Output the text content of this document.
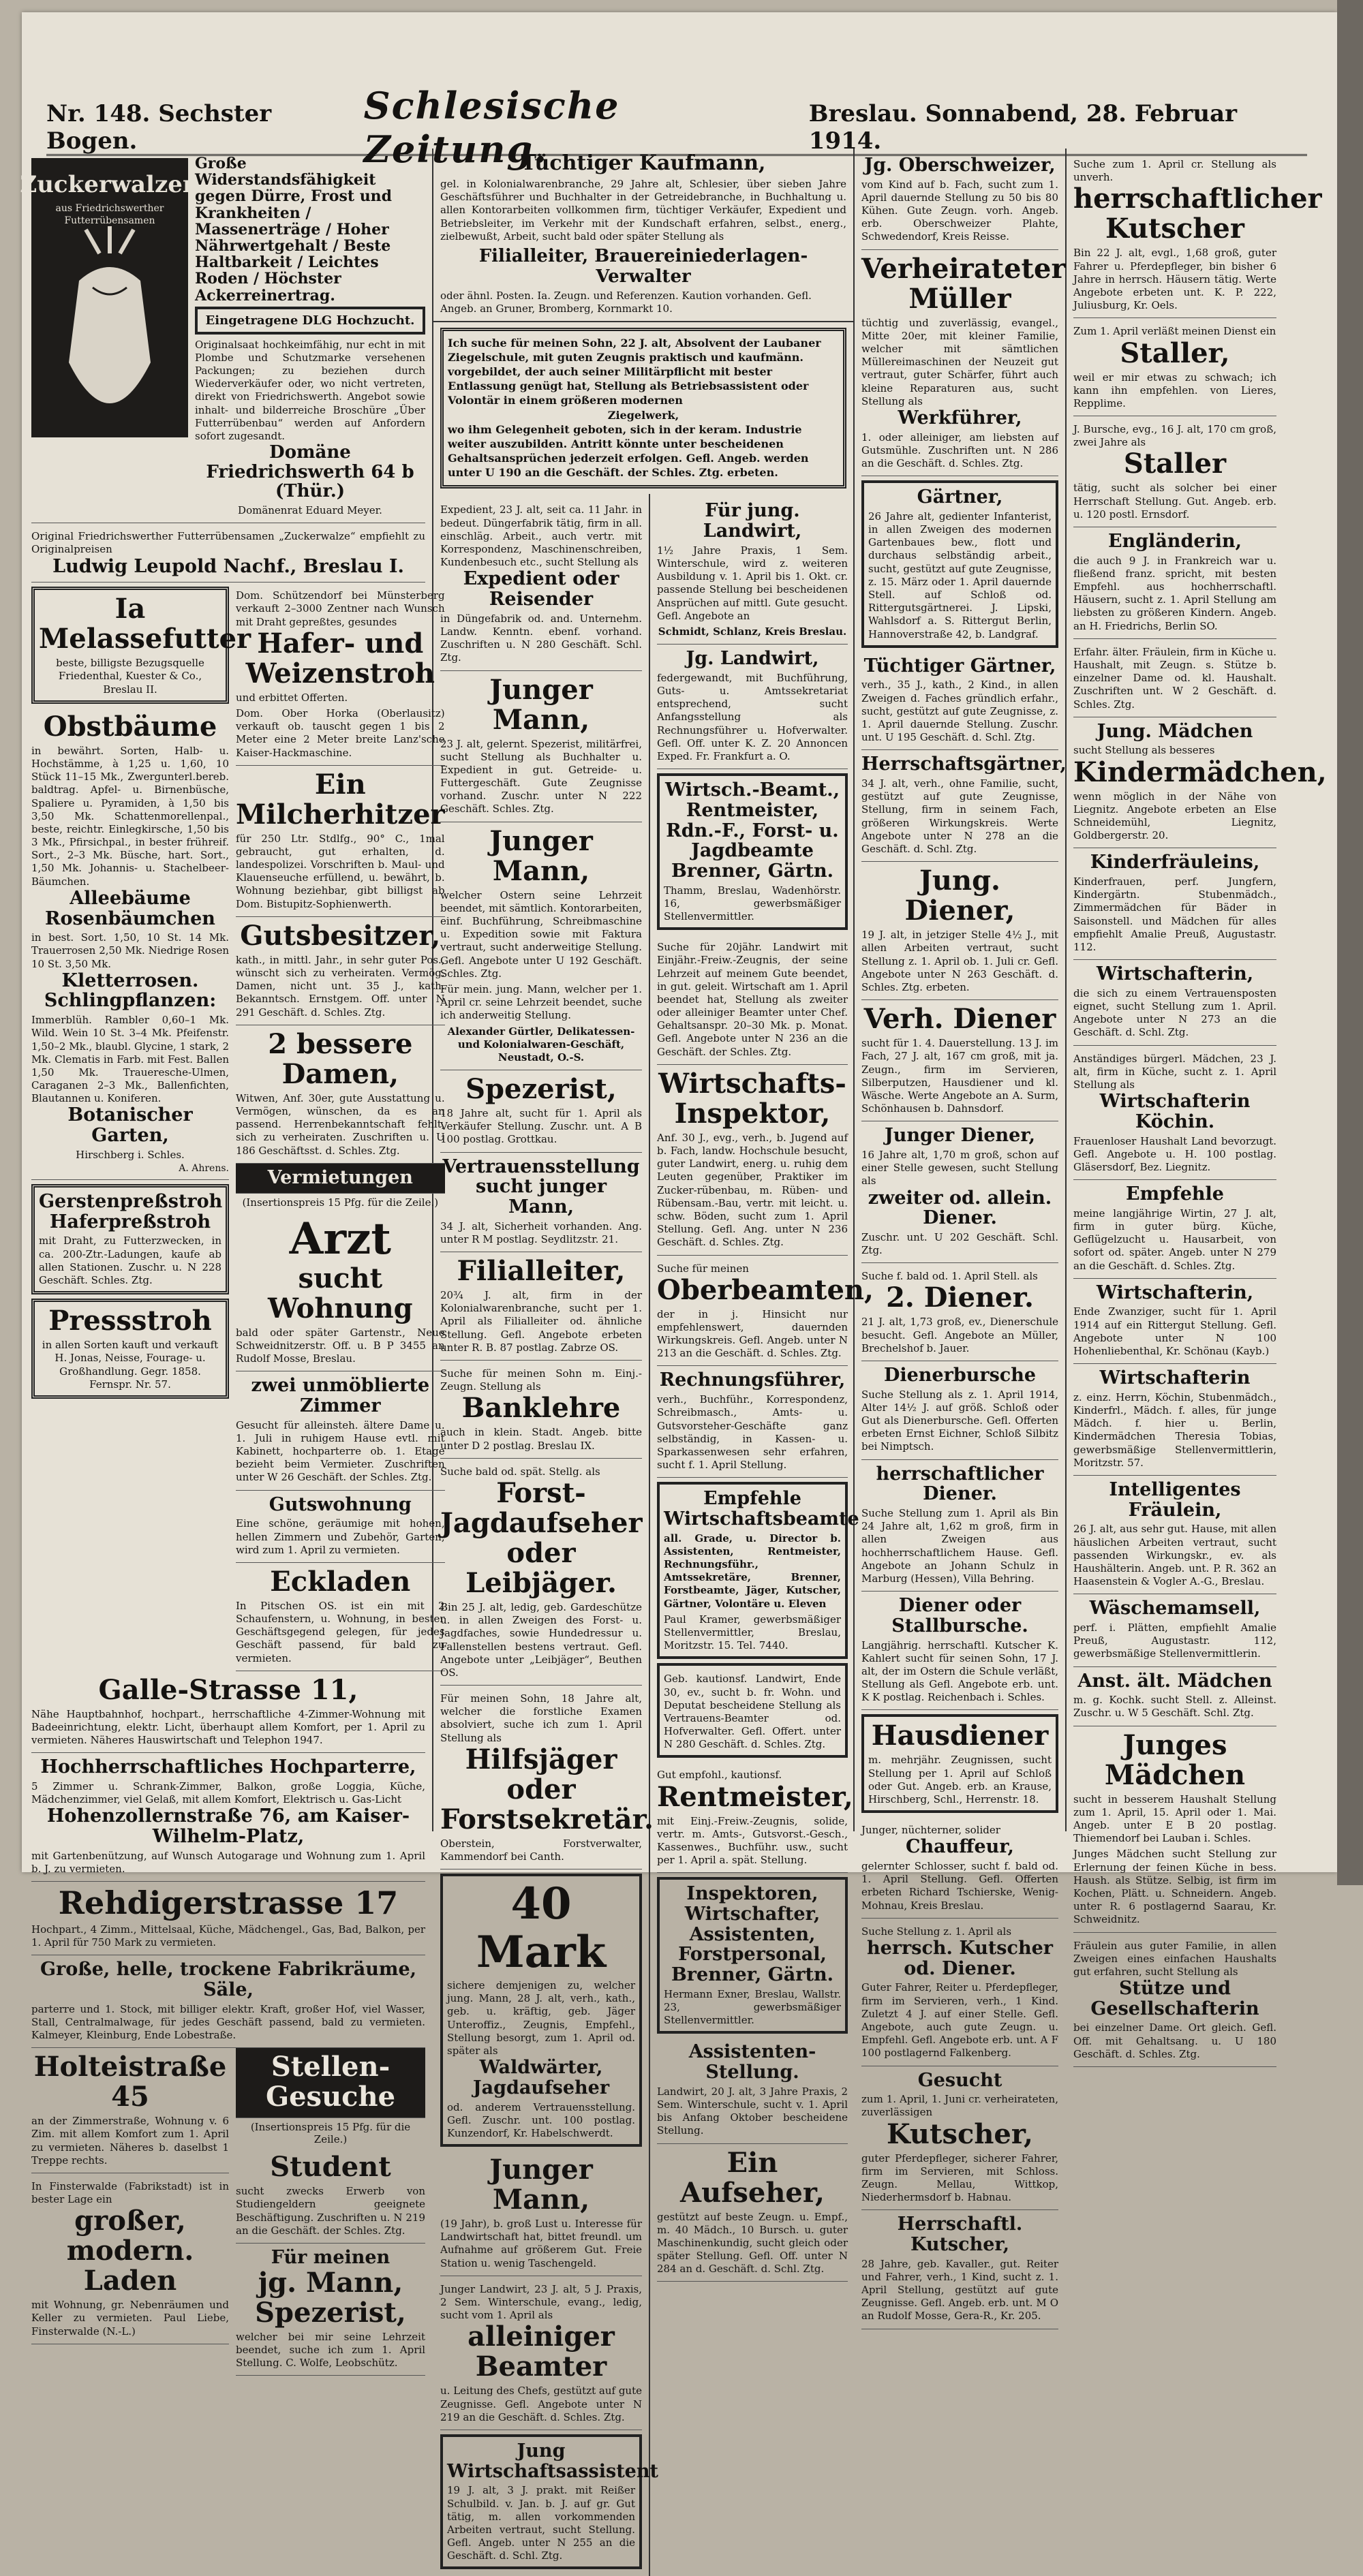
Nr. 148. Sechster Bogen.
Schlesische Zeitung.
Breslau. Sonnabend, 28. Februar 1914.
Zuckerwalzen
aus Friedrichswerther
Futterrübensamen
Große Widerstandsfähigkeit gegen Dürre, Frost und Krankheiten / Massenerträge / Hoher Nährwertgehalt / Beste Haltbarkeit / Leichtes Roden / Höchster Ackerreinertrag.
Eingetragene DLG Hochzucht.

Originalsaat hochkeimfähig, nur echt in mit Plombe und Schutzmarke versehenen Packungen; zu beziehen durch Wiederverkäufer oder, wo nicht vertreten, direkt von Friedrichswerth. Angebot sowie inhalt- und bilderreiche Broschüre „Über Futterrübenbau“ werden auf Anfordern sofort zugesandt.

Domäne Friedrichswerth 64 b (Thür.)

Domänenrat Eduard Meyer.

Original Friedrichswerther Futterrübensamen „Zuckerwalze“ empfiehlt zu Originalpreisen

Ludwig Leupold Nachf., Breslau I.
Ia Melassefutter

beste, billigste Bezugsquelle Friedenthal, Kuester & Co., Breslau II.

Obstbäume

in bewährt. Sorten, Halb- u. Hochstämme, à 1,25 u. 1,60, 10 Stück 11–15 Mk., Zwergunterl.bereb. baldtrag. Apfel- u. Birnenbüsche, Spaliere u. Pyramiden, à 1,50 bis 3,50 Mk. Schattenmorellenpal., beste, reichtr. Einlegkirsche, 1,50 bis 3 Mk., Pfirsichpal., in bester frühreif. Sort., 2–3 Mk. Büsche, hart. Sort., 1,50 Mk. Johannis- u. Stachelbeer-Bäumchen.

Alleebäume
Rosenbäumchen

in best. Sort. 1,50, 10 St. 14 Mk. Trauerrosen 2,50 Mk. Niedrige Rosen 10 St. 3,50 Mk.

Kletterrosen.
Schlingpflanzen:

Immerblüh. Rambler 0,60–1 Mk. Wild. Wein 10 St. 3–4 Mk. Pfeifenstr. 1,50–2 Mk., blaubl. Glycine, 1 stark, 2 Mk. Clematis in Farb. mit Fest. Ballen 1,50 Mk. Traueresche-Ulmen, Caraganen 2–3 Mk., Ballenfichten, Blautannen u. Koniferen.

Botanischer Garten,

Hirschberg i. Schles.

A. Ahrens.
Gerstenpreßstroh Haferpreßstroh

mit Draht, zu Futterzwecken, in ca. 200-Ztr.-Ladungen, kaufe ab allen Stationen. Zuschr. u. N 228 Geschäft. Schles. Ztg.

Pressstroh

in allen Sorten kauft und verkauft H. Jonas, Neisse, Fourage- u. Großhandlung. Gegr. 1858. Fernspr. Nr. 57.

Dom. Schützendorf bei Münsterberg verkauft 2–3000 Zentner nach Wunsch mit Draht gepreßtes, gesundes

Hafer- und Weizenstroh

und erbittet Offerten.

Dom. Ober Horka (Oberlausitz) verkauft ob. tauscht gegen 1 bis 2 Meter eine 2 Meter breite Lanz'sche Kaiser-Hackmaschine.

Ein Milcherhitzer

für 250 Ltr. Stdlfg., 90° C., 1mal gebraucht, gut erhalten, d. landespolizei. Vorschriften b. Maul- und Klauenseuche erfüllend, u. bewährt, b. Wohnung beziehbar, gibt billigst ab Dom. Bistupitz-Sophienwerth.

Gutsbesitzer,

kath., in mittl. Jahr., in sehr guter Pos., wünscht sich zu verheiraten. Vermög. Damen, nicht unt. 35 J., kath. Bekanntsch. Ernstgem. Off. unter N 291 Geschäft. d. Schles. Ztg.

2 bessere Damen,

Witwen, Anf. 30er, gute Ausstattung u. Vermögen, wünschen, da es an passend. Herrenbekanntschaft fehlt, sich zu verheiraten. Zuschriften u. U 186 Geschäftsst. d. Schles. Ztg.

Vermietungen

(Insertionspreis 15 Pfg. für die Zeile.)

Arzt
sucht Wohnung

bald oder später Gartenstr., Neue Schweidnitzerstr. Off. u. B P 3455 an Rudolf Mosse, Breslau.

zwei unmöblierte Zimmer

Gesucht für alleinsteh. ältere Dame u. 1. Juli in ruhigem Hause evtl. mit Kabinett, hochparterre ob. 1. Etage bezieht beim Vermieter. Zuschriften unter W 26 Geschäft. der Schles. Ztg.

Gutswohnung

Eine schöne, geräumige mit hohen, hellen Zimmern und Zubehör, Garten, wird zum 1. April zu vermieten.

Eckladen

In Pitschen OS. ist ein mit 2 Schaufenstern, u. Wohnung, in bester Geschäftsgegend gelegen, für jedes Geschäft passend, für bald zu vermieten.

Galle-Strasse 11,

Nähe Hauptbahnhof, hochpart., herrschaftliche 4-Zimmer-Wohnung mit Badeeinrichtung, elektr. Licht, überhaupt allem Komfort, per 1. April zu vermieten. Näheres Hauswirtschaft und Telephon 1947.

Hochherrschaftliches Hochparterre,

5 Zimmer u. Schrank-Zimmer, Balkon, große Loggia, Küche, Mädchenzimmer, viel Gelaß, mit allem Komfort, Elektrisch u. Gas-Licht

Hohenzollernstraße 76, am Kaiser-Wilhelm-Platz,

mit Gartenbenützung, auf Wunsch Autogarage und Wohnung zum 1. April b. J. zu vermieten.

Rehdigerstrasse 17

Hochpart., 4 Zimm., Mittelsaal, Küche, Mädchengel., Gas, Bad, Balkon, per 1. April für 750 Mark zu vermieten.

Große, helle, trockene Fabrikräume, Säle,

parterre und 1. Stock, mit billiger elektr. Kraft, großer Hof, viel Wasser, Stall, Centralmalwage, für jedes Geschäft passend, bald zu vermieten. Kalmeyer, Kleinburg, Ende Lobestraße.

Holteistraße 45

an der Zimmerstraße, Wohnung v. 6 Zim. mit allem Komfort zum 1. April zu vermieten. Näheres b. daselbst 1 Treppe rechts.

In Finsterwalde (Fabrikstadt) ist in bester Lage ein

großer, modern. Laden

mit Wohnung, gr. Nebenräumen und Keller zu vermieten. Paul Liebe, Finsterwalde (N.-L.)

Stellen-Gesuche

(Insertionspreis 15 Pfg. für die Zeile.)

Student

sucht zwecks Erwerb von Studiengeldern geeignete Beschäftigung. Zuschriften u. N 219 an die Geschäft. der Schles. Ztg.

Für meinen
jg. Mann, Spezerist,

welcher bei mir seine Lehrzeit beendet, suche ich zum 1. April Stellung. C. Wolfe, Leobschütz.

Tüchtiger Kaufmann,

gel. in Kolonialwarenbranche, 29 Jahre alt, Schlesier, über sieben Jahre Geschäftsführer und Buchhalter in der Getreidebranche, in Buchhaltung u. allen Kontorarbeiten vollkommen firm, tüchtiger Verkäufer, Expedient und Betriebsleiter, im Verkehr mit der Kundschaft erfahren, selbst., energ., zielbewußt, Arbeit, sucht bald oder später Stellung als

Filialleiter, Brauereiniederlagen-Verwalter

oder ähnl. Posten. Ia. Zeugn. und Referenzen. Kaution vorhanden. Gefl. Angeb. an Gruner, Bromberg, Kornmarkt 10.

Ich suche für meinen Sohn, 22 J. alt, Absolvent der Laubaner Ziegelschule, mit guten Zeugnis praktisch und kaufmänn. vorgebildet, der auch seiner Militärpflicht mit bester Entlassung genügt hat, Stellung als Betriebsassistent oder Volontär in einem größeren modernen

Ziegelwerk,

wo ihm Gelegenheit geboten, sich in der keram. Industrie weiter auszubilden. Antritt könnte unter bescheidenen Gehaltsansprüchen jederzeit erfolgen. Gefl. Angeb. werden unter U 190 an die Geschäft. der Schles. Ztg. erbeten.

Expedient, 23 J. alt, seit ca. 11 Jahr. in bedeut. Düngerfabrik tätig, firm in all. einschläg. Arbeit., auch vertr. mit Korrespondenz, Maschinenschreiben, Kundenbesuch etc., sucht Stellung als

Expedient oder Reisender

in Düngefabrik od. and. Unternehm. Landw. Kenntn. ebenf. vorhand. Zuschriften u. N 280 Geschäft. Schl. Ztg.

Junger Mann,

23 J. alt, gelernt. Spezerist, militärfrei, sucht Stellung als Buchhalter u. Expedient in gut. Getreide- u. Futtergeschäft. Gute Zeugnisse vorhand. Zuschr. unter N 222 Geschäft. Schles. Ztg.

Junger Mann,

welcher Ostern seine Lehrzeit beendet, mit sämtlich. Kontorarbeiten, einf. Buchführung, Schreibmaschine u. Expedition sowie mit Faktura vertraut, sucht anderweitige Stellung. Gefl. Angebote unter U 192 Geschäft. Schles. Ztg.

Für mein. jung. Mann, welcher per 1. April cr. seine Lehrzeit beendet, suche ich anderweitig Stellung.

Alexander Gürtler, Delikatessen- und Kolonialwaren-Geschäft, Neustadt, O.-S.

Spezerist,

18 Jahre alt, sucht für 1. April als Verkäufer Stellung. Zuschr. unt. A B 100 postlag. Grottkau.

Vertrauensstellung sucht junger Mann,

34 J. alt, Sicherheit vorhanden. Ang. unter R M postlag. Seydlitzstr. 21.

Filialleiter,

20¾ J. alt, firm in der Kolonialwarenbranche, sucht per 1. April als Filialleiter od. ähnliche Stellung. Gefl. Angebote erbeten unter R. B. 87 postlag. Zabrze OS.

Suche für meinen Sohn m. Einj.-Zeugn. Stellung als

Banklehre

auch in klein. Stadt. Angeb. bitte unter D 2 postlag. Breslau IX.

Suche bald od. spät. Stellg. als

Forst-Jagdaufseher oder Leibjäger.

Bin 25 J. alt, ledig, geb. Gardeschütze u. in allen Zweigen des Forst- u. Jagdfaches, sowie Hundedressur u. Fallenstellen bestens vertraut. Gefl. Angebote unter „Leibjäger“, Beuthen OS.

Für meinen Sohn, 18 Jahre alt, welcher die forstliche Examen absolviert, suche ich zum 1. April Stellung als

Hilfsjäger oder Forstsekretär.

Oberstein, Forstverwalter, Kammendorf bei Canth.

40 Mark

sichere demjenigen zu, welcher jung. Mann, 28 J. alt, verh., kath., geb. u. kräftig, geb. Jäger Unteroffiz., Zeugnis, Empfehl., Stellung besorgt, zum 1. April od. später als

Waldwärter, Jagdaufseher

od. anderem Vertrauensstellung. Gefl. Zuschr. unt. 100 postlag. Kunzendorf, Kr. Habelschwerdt.

Junger Mann,

(19 Jahr), b. groß Lust u. Interesse für Landwirtschaft hat, bittet freundl. um Aufnahme auf größerem Gut. Freie Station u. wenig Taschengeld.

Junger Landwirt, 23 J. alt, 5 J. Praxis, 2 Sem. Winterschule, evang., ledig, sucht vom 1. April als

alleiniger Beamter

u. Leitung des Chefs, gestützt auf gute Zeugnisse. Gefl. Angebote unter N 219 an die Geschäft. d. Schles. Ztg.

Jung Wirtschaftsassistent

19 J. alt, 3 J. prakt. mit Reißer Schulbild. v. Jan. b. J. auf gr. Gut tätig, m. allen vorkommenden Arbeiten vertraut, sucht Stellung. Gefl. Angeb. unter N 255 an die Geschäft. d. Schl. Ztg.

Für jung. Landwirt,

1½ Jahre Praxis, 1 Sem. Winterschule, wird z. weiteren Ausbildung v. 1. April bis 1. Okt. cr. passende Stellung bei bescheidenen Ansprüchen auf mittl. Gute gesucht. Gefl. Angebote an

Schmidt, Schlanz, Kreis Breslau.

Jg. Landwirt,

federgewandt, mit Buchführung, Guts- u. Amtssekretariat entsprechend, sucht Anfangsstellung als Rechnungsführer u. Hofverwalter. Gefl. Off. unter K. Z. 20 Annoncen Exped. Fr. Frankfurt a. O.

Wirtsch.-Beamt., Rentmeister, Rdn.-F., Forst- u. Jagdbeamte Brenner, Gärtn.

Thamm, Breslau, Wadenhörstr. 16, gewerbsmäßiger Stellenvermittler.

Suche für 20jähr. Landwirt mit Einjähr.-Freiw.-Zeugnis, der seine Lehrzeit auf meinem Gute beendet, in gut. geleit. Wirtschaft am 1. April beendet hat, Stellung als zweiter oder alleiniger Beamter unter Chef. Gehaltsanspr. 20–30 Mk. p. Monat. Gefl. Angebote unter N 236 an die Geschäft. der Schles. Ztg.

Wirtschafts-Inspektor,

Anf. 30 J., evg., verh., b. Jugend auf b. Fach, landw. Hochschule besucht, guter Landwirt, energ. u. ruhig dem Leuten gegenüber, Praktiker im Zucker-rübenbau, m. Rüben- und Rübensam.-Bau, vertr. mit leicht. u. schw. Böden, sucht zum 1. April Stellung. Gefl. Ang. unter N 236 Geschäft. d. Schles. Ztg.

Suche für meinen

Oberbeamten,

der in j. Hinsicht nur empfehlenswert, dauernden Wirkungskreis. Gefl. Angeb. unter N 213 an die Geschäft. d. Schles. Ztg.

Rechnungsführer,

verh., Buchführ., Korrespondenz, Schreibmasch., Amts- u. Gutsvorsteher-Geschäfte ganz selbständig, in Kassen- u. Sparkassenwesen sehr erfahren, sucht f. 1. April Stellung.

Empfehle Wirtschaftsbeamte

all. Grade, u. Director b. Assistenten, Rentmeister, Rechnungsführ., Amtssekretäre, Brenner, Forstbeamte, Jäger, Kutscher, Gärtner, Volontäre u. Eleven

Paul Kramer, gewerbsmäßiger Stellenvermittler, Breslau, Moritzstr. 15. Tel. 7440.

Geb. kautionsf. Landwirt, Ende 30, ev., sucht b. fr. Wohn. und Deputat bescheidene Stellung als Vertrauens-Beamter od. Hofverwalter. Gefl. Offert. unter N 280 Geschäft. d. Schles. Ztg.

Gut empfohl., kautionsf.

Rentmeister,

mit Einj.-Freiw.-Zeugnis, solide, vertr. m. Amts-, Gutsvorst.-Gesch., Kassenwes., Buchführ. usw., sucht per 1. April a. spät. Stellung.

Inspektoren, Wirtschafter, Assistenten, Forstpersonal, Brenner, Gärtn.

Hermann Exner, Breslau, Wallstr. 23, gewerbsmäßiger Stellenvermittler.

Assistenten-Stellung.

Landwirt, 20 J. alt, 3 Jahre Praxis, 2 Sem. Winterschule, sucht v. 1. April bis Anfang Oktober bescheidene Stellung.

Ein Aufseher,

gestützt auf beste Zeugn. u. Empf., m. 40 Mädch., 10 Bursch. u. guter Maschinenkundig, sucht gleich oder später Stellung. Gefl. Off. unter N 284 an d. Geschäft. d. Schl. Ztg.

Jg. Oberschweizer,

vom Kind auf b. Fach, sucht zum 1. April dauernde Stellung zu 50 bis 80 Kühen. Gute Zeugn. vorh. Angeb. erb. Oberschweizer Plahte, Schwedendorf, Kreis Reisse.

Verheirateter Müller

tüchtig und zuverlässig, evangel., Mitte 20er, mit kleiner Familie, welcher mit sämtlichen Müllereimaschinen der Neuzeit gut vertraut, guter Schärfer, führt auch kleine Reparaturen aus, sucht Stellung als

Werkführer,

1. oder alleiniger, am liebsten auf Gutsmühle. Zuschriften unt. N 286 an die Geschäft. d. Schles. Ztg.

Gärtner,

26 Jahre alt, gedienter Infanterist, in allen Zweigen des modernen Gartenbaues bew., flott und durchaus selbständig arbeit., sucht, gestützt auf gute Zeugnisse, z. 15. März oder 1. April dauernde Stell. auf Schloß od. Rittergutsgärtnerei. J. Lipski, Wahlsdorf a. S. Rittergut Berlin, Hannoverstraße 42, b. Landgraf.

Tüchtiger Gärtner,

verh., 35 J., kath., 2 Kind., in allen Zweigen d. Faches gründlich erfahr., sucht, gestützt auf gute Zeugnisse, z. 1. April dauernde Stellung. Zuschr. unt. U 195 Geschäft. d. Schl. Ztg.

Herrschaftsgärtner,

34 J. alt, verh., ohne Familie, sucht, gestützt auf gute Zeugnisse, Stellung, firm in seinem Fach, größeren Wirkungskreis. Werte Angebote unter N 278 an die Geschäft. d. Schl. Ztg.

Jung. Diener,

19 J. alt, in jetziger Stelle 4½ J., mit allen Arbeiten vertraut, sucht Stellung z. 1. April ob. 1. Juli cr. Gefl. Angebote unter N 263 Geschäft. d. Schles. Ztg. erbeten.

Verh. Diener

sucht für 1. 4. Dauerstellung. 13 J. im Fach, 27 J. alt, 167 cm groß, mit ja. Zeugn., firm im Servieren, Silberputzen, Hausdiener und kl. Wäsche. Werte Angebote an A. Surm, Schönhausen b. Dahnsdorf.

Junger Diener,

16 Jahre alt, 1,70 m groß, schon auf einer Stelle gewesen, sucht Stellung als

zweiter od. allein. Diener.

Zuschr. unt. U 202 Geschäft. Schl. Ztg.

Suche f. bald od. 1. April Stell. als

2. Diener.

21 J. alt, 1,73 groß, ev., Dienerschule besucht. Gefl. Angebote an Müller, Brechelshof b. Jauer.

Dienerbursche

Suche Stellung als z. 1. April 1914, Alter 14½ J. auf größ. Schloß oder Gut als Dienerbursche. Gefl. Offerten erbeten Ernst Eichner, Schloß Silbitz bei Nimptsch.

herrschaftlicher Diener.

Suche Stellung zum 1. April als Bin 24 Jahre alt, 1,62 m groß, firm in allen Zweigen aus hochherrschaftlichem Hause. Gefl. Angebote an Johann Schulz in Marburg (Hessen), Villa Behring.

Diener oder Stallbursche.

Langjährig. herrschaftl. Kutscher K. Kahlert sucht für seinen Sohn, 17 J. alt, der im Ostern die Schule verläßt, Stellung als Gefl. Angebote erb. unt. K K postlag. Reichenbach i. Schles.

Hausdiener

m. mehrjähr. Zeugnissen, sucht Stellung per 1. April auf Schloß oder Gut. Angeb. erb. an Krause, Hirschberg, Schl., Herrenstr. 18.

Junger, nüchterner, solider

Chauffeur,

gelernter Schlosser, sucht f. bald od. 1. April Stellung. Gefl. Offerten erbeten Richard Tschierske, Wenig-Mohnau, Kreis Breslau.

Suche Stellung z. 1. April als

herrsch. Kutscher od. Diener.

Guter Fahrer, Reiter u. Pferdepfleger, firm im Servieren, verh., 1 Kind. Zuletzt 4 J. auf einer Stelle. Gefl. Angebote, auch gute Zeugn. u. Empfehl. Gefl. Angebote erb. unt. A F 100 postlagernd Falkenberg.

Gesucht

zum 1. April, 1. Juni cr. verheirateten, zuverlässigen

Kutscher,

guter Pferdepfleger, sicherer Fahrer, firm im Servieren, mit Schloss. Zeugn. Mellau, Wittkop, Niederhermsdorf b. Habnau.

Herrschaftl. Kutscher,

28 Jahre, geb. Kavaller., gut. Reiter und Fahrer, verh., 1 Kind, sucht z. 1. April Stellung, gestützt auf gute Zeugnisse. Gefl. Angeb. erb. unt. M O an Rudolf Mosse, Gera-R., Kr. 205.

Suche zum 1. April cr. Stellung als unverh.

herrschaftlicher Kutscher

Bin 22 J. alt, evgl., 1,68 groß, guter Fahrer u. Pferdepfleger, bin bisher 6 Jahre in herrsch. Häusern tätig. Werte Angebote erbeten unt. K. P. 222, Juliusburg, Kr. Oels.

Zum 1. April verläßt meinen Dienst ein

Staller,

weil er mir etwas zu schwach; ich kann ihn empfehlen. von Lieres, Repplime.

J. Bursche, evg., 16 J. alt, 170 cm groß, zwei Jahre als

Staller

tätig, sucht als solcher bei einer Herrschaft Stellung. Gut. Angeb. erb. u. 120 postl. Ernsdorf.

Engländerin,

die auch 9 J. in Frankreich war u. fließend franz. spricht, mit besten Empfehl. aus hochherrschaftl. Häusern, sucht z. 1. April Stellung am liebsten zu größeren Kindern. Angeb. an H. Friedrichs, Berlin SO.

Erfahr. älter. Fräulein, firm in Küche u. Haushalt, mit Zeugn. s. Stütze b. einzelner Dame od. kl. Haushalt. Zuschriften unt. W 2 Geschäft. d. Schles. Ztg.

Jung. Mädchen

sucht Stellung als besseres

Kindermädchen,

wenn möglich in der Nähe von Liegnitz. Angebote erbeten an Else Schneidemühl, Liegnitz, Goldbergerstr. 20.

Kinderfräuleins,

Kinderfrauen, perf. Jungfern, Kindergärtn. Stubenmädch., Zimmermädchen für Bäder in Saisonstell. und Mädchen für alles empfiehlt Amalie Preuß, Augustastr. 112.

Wirtschafterin,

die sich zu einem Vertrauensposten eignet, sucht Stellung zum 1. April. Angebote unter N 273 an die Geschäft. d. Schl. Ztg.

Anständiges bürgerl. Mädchen, 23 J. alt, firm in Küche, sucht z. 1. April Stellung als

Wirtschafterin
Köchin.

Frauenloser Haushalt Land bevorzugt. Gefl. Angebote u. H. 100 postlag. Gläsersdorf, Bez. Liegnitz.

Empfehle

meine langjährige Wirtin, 27 J. alt, firm in guter bürg. Küche, Geflügelzucht u. Hausarbeit, von sofort od. später. Angeb. unter N 279 an die Geschäft. d. Schles. Ztg.

Wirtschafterin,

Ende Zwanziger, sucht für 1. April 1914 auf ein Rittergut Stellung. Gefl. Angebote unter N 100 Hohenliebenthal, Kr. Schönau (Kayb.)

Wirtschafterin

z. einz. Herrn, Köchin, Stubenmädch., Kinderfrl., Mädch. f. alles, für junge Mädch. f. hier u. Berlin, Kindermädchen Theresia Tobias, gewerbsmäßige Stellenvermittlerin, Moritzstr. 57.

Intelligentes Fräulein,

26 J. alt, aus sehr gut. Hause, mit allen häuslichen Arbeiten vertraut, sucht passenden Wirkungskr., ev. als Haushälterin. Angeb. unt. P. R. 362 an Haasenstein & Vogler A.-G., Breslau.

Wäschemamsell,

perf. i. Plätten, empfiehlt Amalie Preuß, Augustastr. 112, gewerbsmäßige Stellenvermittlerin.

Anst. ält. Mädchen

m. g. Kochk. sucht Stell. z. Alleinst. Zuschr. u. W 5 Geschäft. Schl. Ztg.

Junges Mädchen

sucht in besserem Haushalt Stellung zum 1. April, 15. April oder 1. Mai. Angeb. unter E B 20 postlag. Thiemendorf bei Lauban i. Schles.

Junges Mädchen sucht Stellung zur Erlernung der feinen Küche in bess. Haush. als Stütze. Selbig, ist firm im Kochen, Plätt. u. Schneidern. Angeb. unter R. 6 postlagernd Saarau, Kr. Schweidnitz.

Fräulein aus guter Familie, in allen Zweigen eines einfachen Haushalts gut erfahren, sucht Stellung als

Stütze und Gesellschafterin

bei einzelner Dame. Ort gleich. Gefl. Off. mit Gehaltsang. u. U 180 Geschäft. d. Schles. Ztg.
